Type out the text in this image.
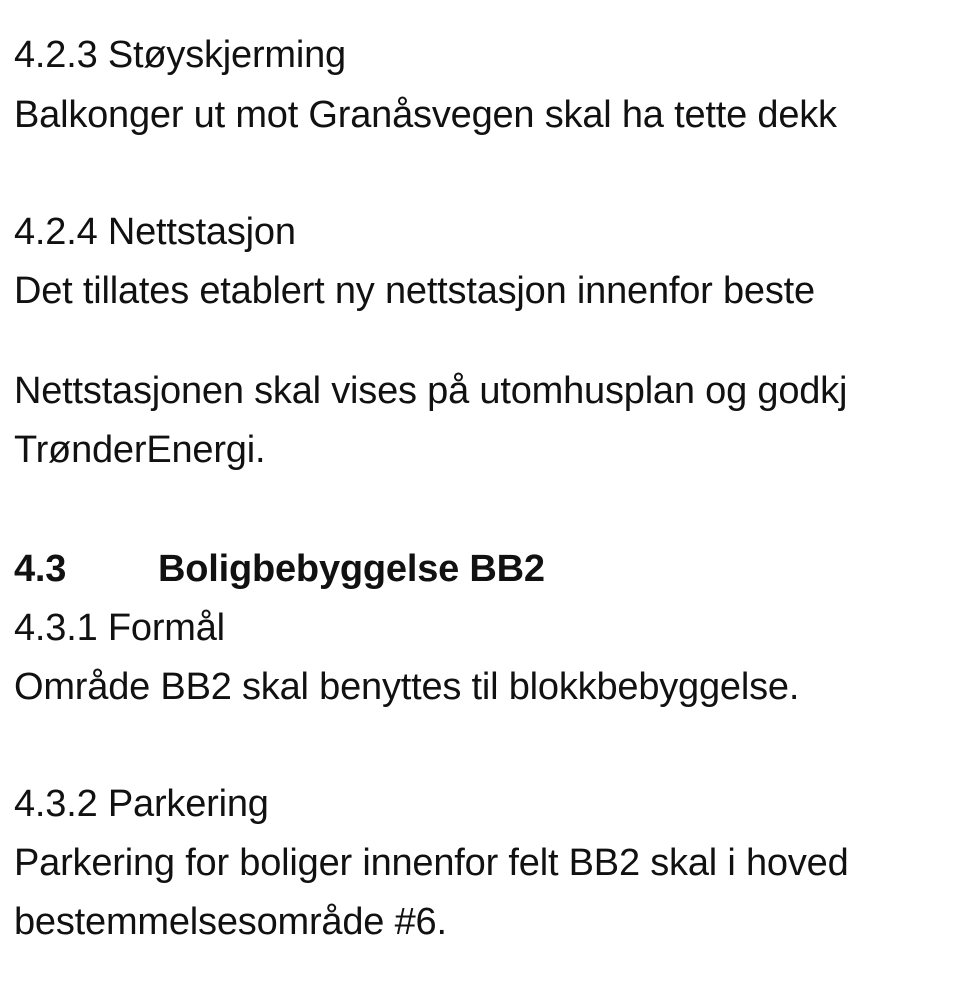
4.2.3 Støyskjerming
Balkonger ut mot Granåsvegen skal ha tette dekk
4.2.4 Nettstasjon
Det tillates etablert ny nettstasjon innenfor beste
Nettstasjonen skal vises på utomhusplan og godkj
TrønderEnergi.
4.3 Boligbebyggelse BB2
4.3.1 Formål
Område BB2 skal benyttes til blokkbebyggelse.
4.3.2 Parkering
Parkering for boliger innenfor felt BB2 skal i hoved
bestemmelsesområde #6.
